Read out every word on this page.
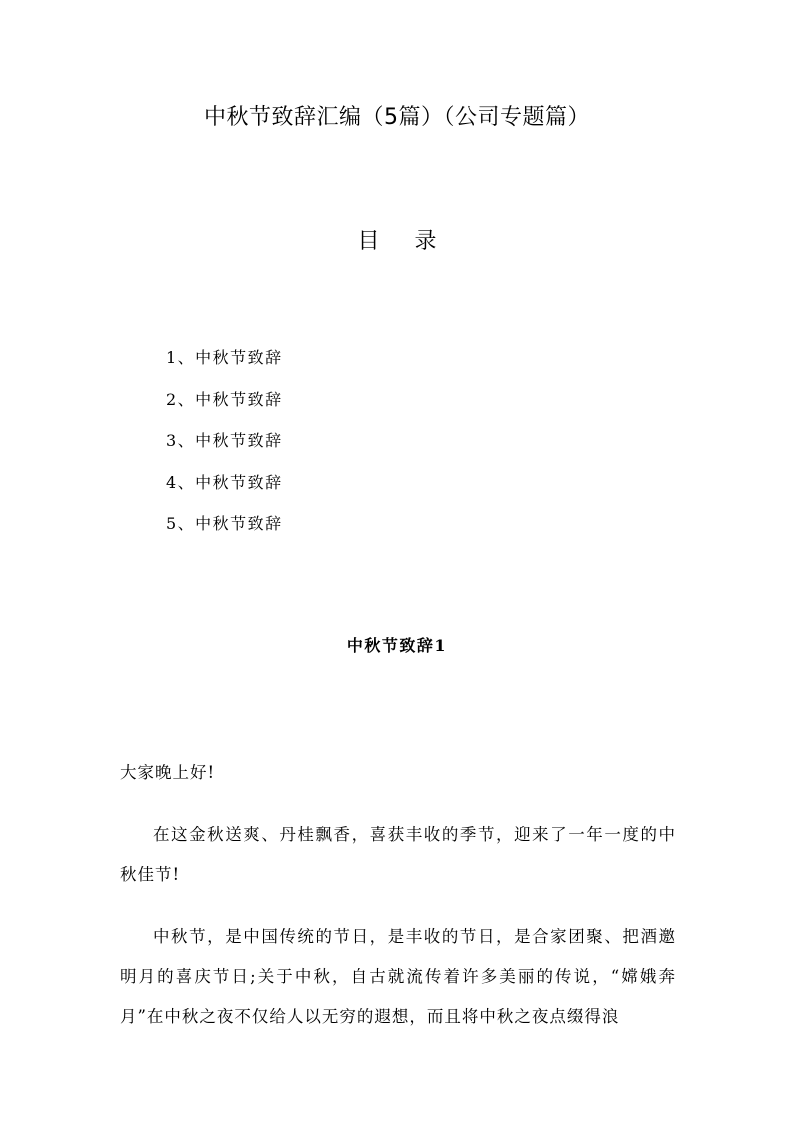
中秋节致辞汇编（5篇）（公司专题篇）
目 录
1、中秋节致辞
2、中秋节致辞
3、中秋节致辞
4、中秋节致辞
5、中秋节致辞
中秋节致辞1

大家晚上好!

在这金秋送爽、丹桂飘香，喜获丰收的季节，迎来了一年一度的中秋佳节!

中秋节，是中国传统的节日，是丰收的节日，是合家团聚、把酒邀明月的喜庆节日;关于中秋，自古就流传着许多美丽的传说，“嫦娥奔月”在中秋之夜不仅给人以无穷的遐想，而且将中秋之夜点缀得浪
